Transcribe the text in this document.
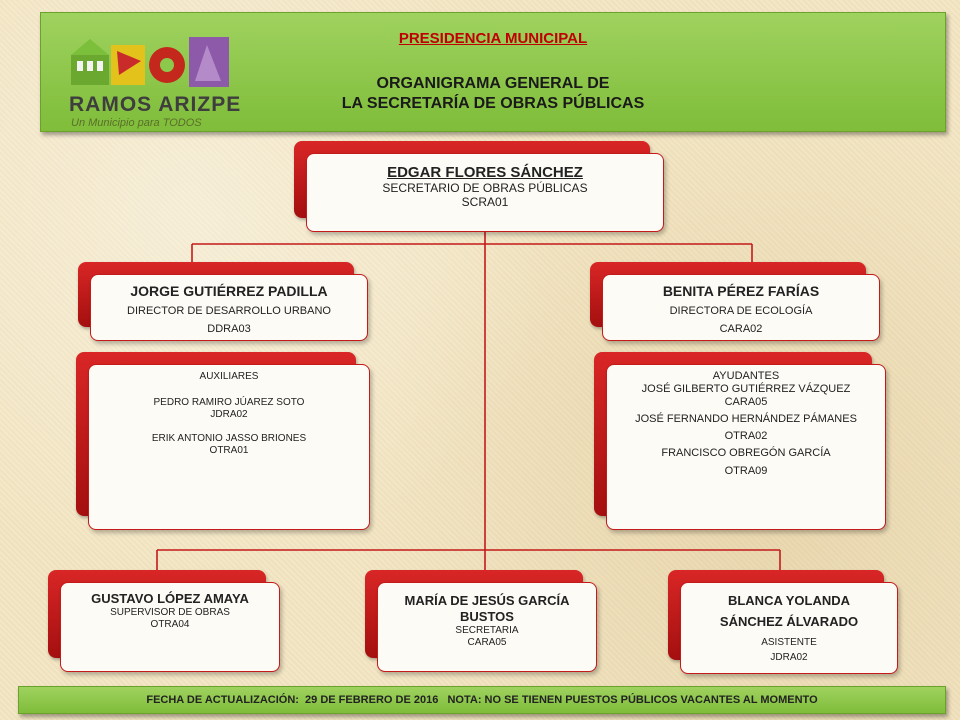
RAMOS ARIZPE
Un Municipio para TODOS
PRESIDENCIA MUNICIPAL
ORGANIGRAMA GENERAL DE
LA SECRETARÍA DE OBRAS PÚBLICAS
EDGAR FLORES SÁNCHEZ
SECRETARIO DE OBRAS PÚBLICAS
SCRA01
JORGE GUTIÉRREZ PADILLA
DIRECTOR DE DESARROLLO URBANO
DDRA03
BENITA PÉREZ FARÍAS
DIRECTORA DE ECOLOGÍA
CARA02
AUXILIARES
PEDRO RAMIRO JÚAREZ SOTO
JDRA02
ERIK ANTONIO JASSO BRIONES
OTRA01
AYUDANTES
JOSÉ GILBERTO GUTIÉRREZ VÁZQUEZ
CARA05
JOSÉ FERNANDO HERNÁNDEZ PÁMANES
OTRA02
FRANCISCO OBREGÓN GARCÍA
OTRA09
GUSTAVO LÓPEZ AMAYA
SUPERVISOR DE OBRAS
OTRA04
MARÍA DE JESÚS GARCÍA BUSTOS
SECRETARIA
CARA05
BLANCA YOLANDA
SÁNCHEZ ÁLVARADO
ASISTENTE
JDRA02
FECHA DE ACTUALIZACIÓN:  29 DE FEBRERO DE 2016   NOTA: NO SE TIENEN PUESTOS PÚBLICOS VACANTES AL MOMENTO
